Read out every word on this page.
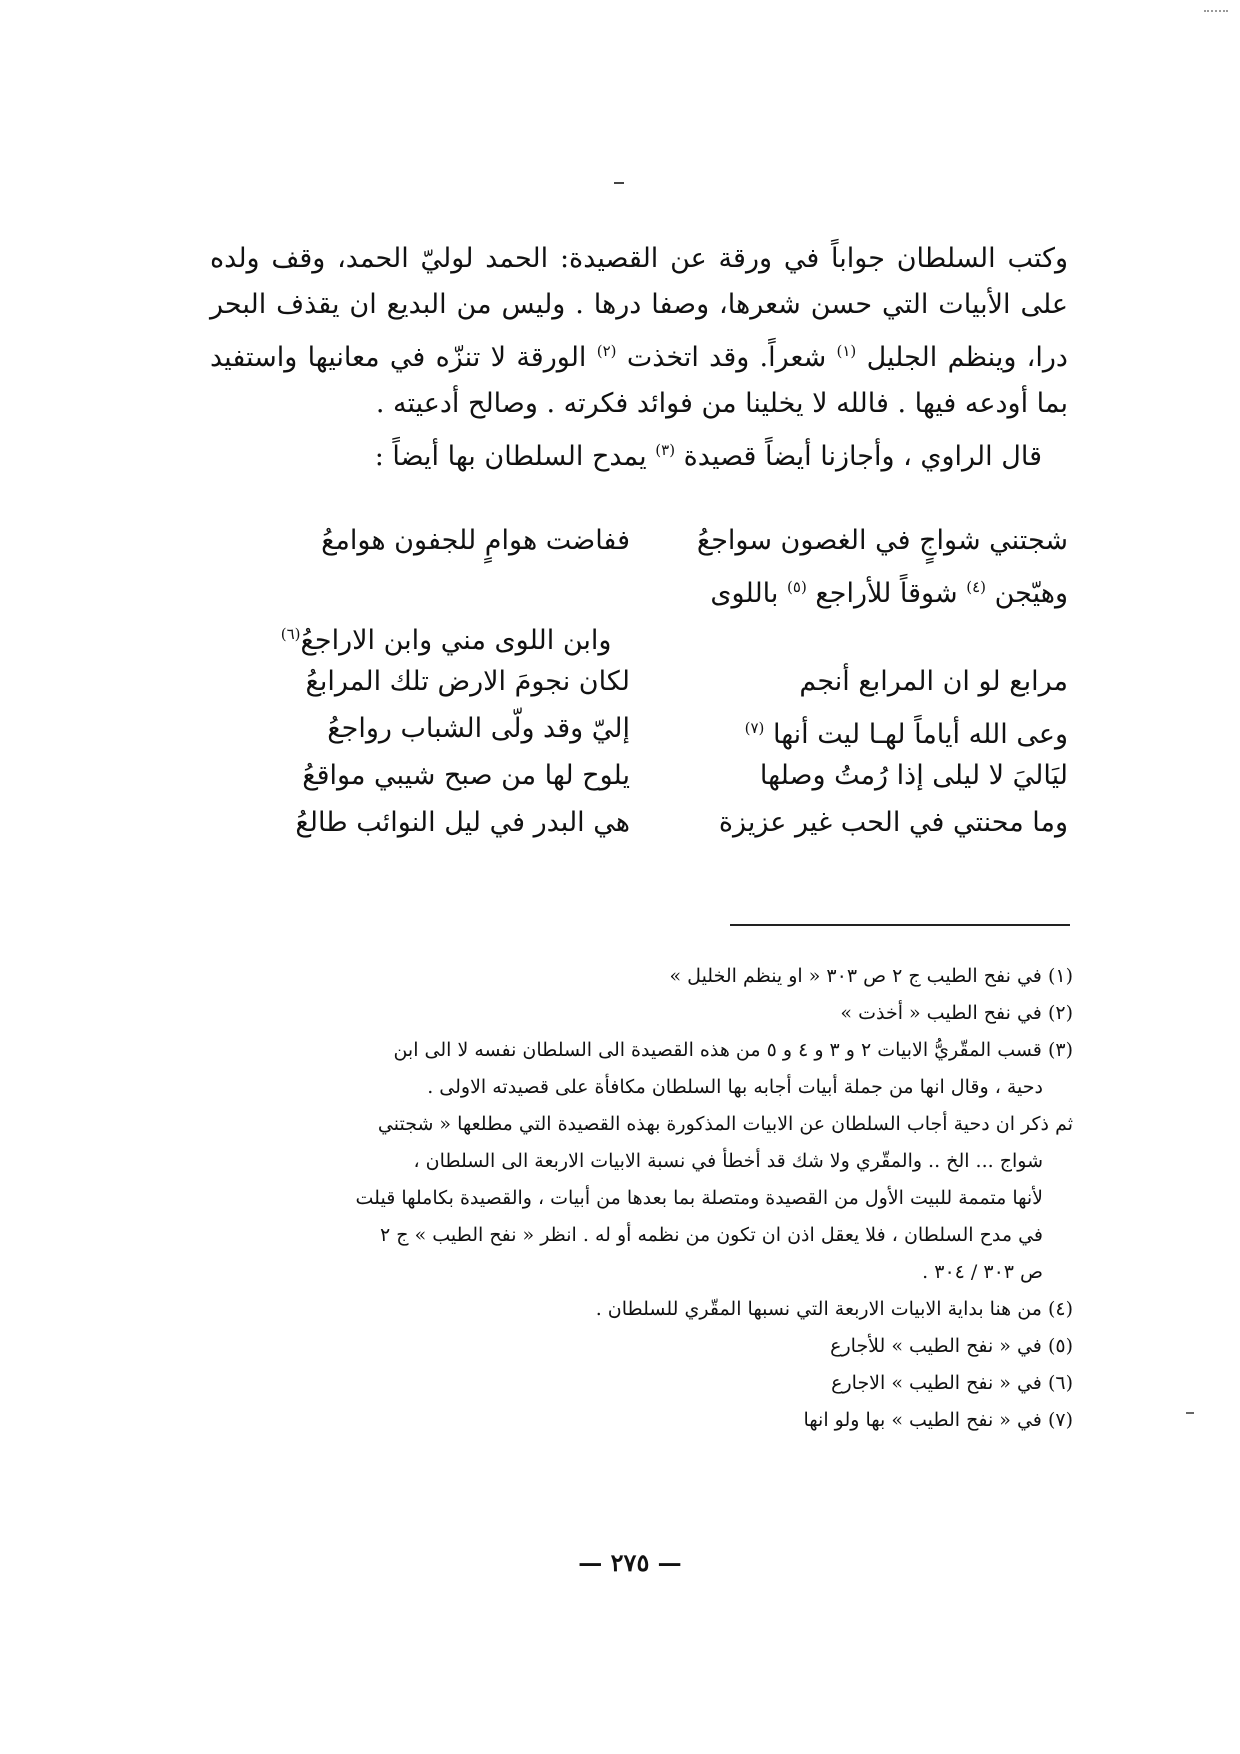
وكتب السلطان جواباً في ورقة عن القصيدة: الحمد لوليّ الحمد، وقف ولده على الأبيات التي حسن شعرها، وصفا درها . وليس من البديع ان يقذف البحر درا، وينظم الجليل $^{(١)}$ شعراً. وقد اتخذت $^{(٢)}$ الورقة لا تنزّه في معانيها واستفيد بما أودعه فيها . فالله لا يخلينا من فوائد فكرته . وصالح أدعيته .

قال الراوي ، وأجازنا أيضاً قصيدة $^{(٣)}$ يمدح السلطان بها أيضاً :

شجتني شواجٍ في الغصون سواجعُ
ففاضت هوامٍ للجفون هوامعُ
وهيّجن $^{(٤)}$ شوقاً للأراجع $^{(٥)}$ باللوى
وابن اللوى مني وابن الاراجعُ$^{(٦)}$
مرابع لو ان المرابع أنجم
لكان نجومَ الارض تلك المرابعُ
وعى الله أياماً لهـا ليت أنها $^{(٧)}$
إليّ وقد ولّى الشباب رواجعُ
ليَاليَ لا ليلى إذا رُمتُ وصلها
يلوح لها من صبح شيبي مواقعُ
وما محنتي في الحب غير عزيزة
هي البدر في ليل النوائب طالعُ

(١) في نفح الطيب ج ٢ ص ٣٠٣ « او ينظم الخليل »

(٢) في نفح الطيب « أخذت »

(٣) قسب المقّريُّ الابيات ٢ و ٣ و ٤ و ٥ من هذه القصيدة الى السلطان نفسه لا الى ابن
دحية ، وقال انها من جملة أبيات أجابه بها السلطان مكافأة على قصيدته الاولى .

ثم ذكر ان دحية أجاب السلطان عن الابيات المذكورة بهذه القصيدة التي مطلعها « شجتني
شواج ... الخ .. والمقّري ولا شك قد أخطأ في نسبة الابيات الاربعة الى السلطان ،
لأنها متممة للبيت الأول من القصيدة ومتصلة بما بعدها من أبيات ، والقصيدة بكاملها قيلت
في مدح السلطان ، فلا يعقل اذن ان تكون من نظمه أو له . انظر « نفح الطيب » ج ٢
ص ٣٠٣ / ٣٠٤ .

(٤) من هنا بداية الابيات الاربعة التي نسبها المقّري للسلطان .

(٥) في « نفح الطيب » للأجارع

(٦) في « نفح الطيب » الاجارع

(٧) في « نفح الطيب » بها ولو انها

— ٢٧٥ —
